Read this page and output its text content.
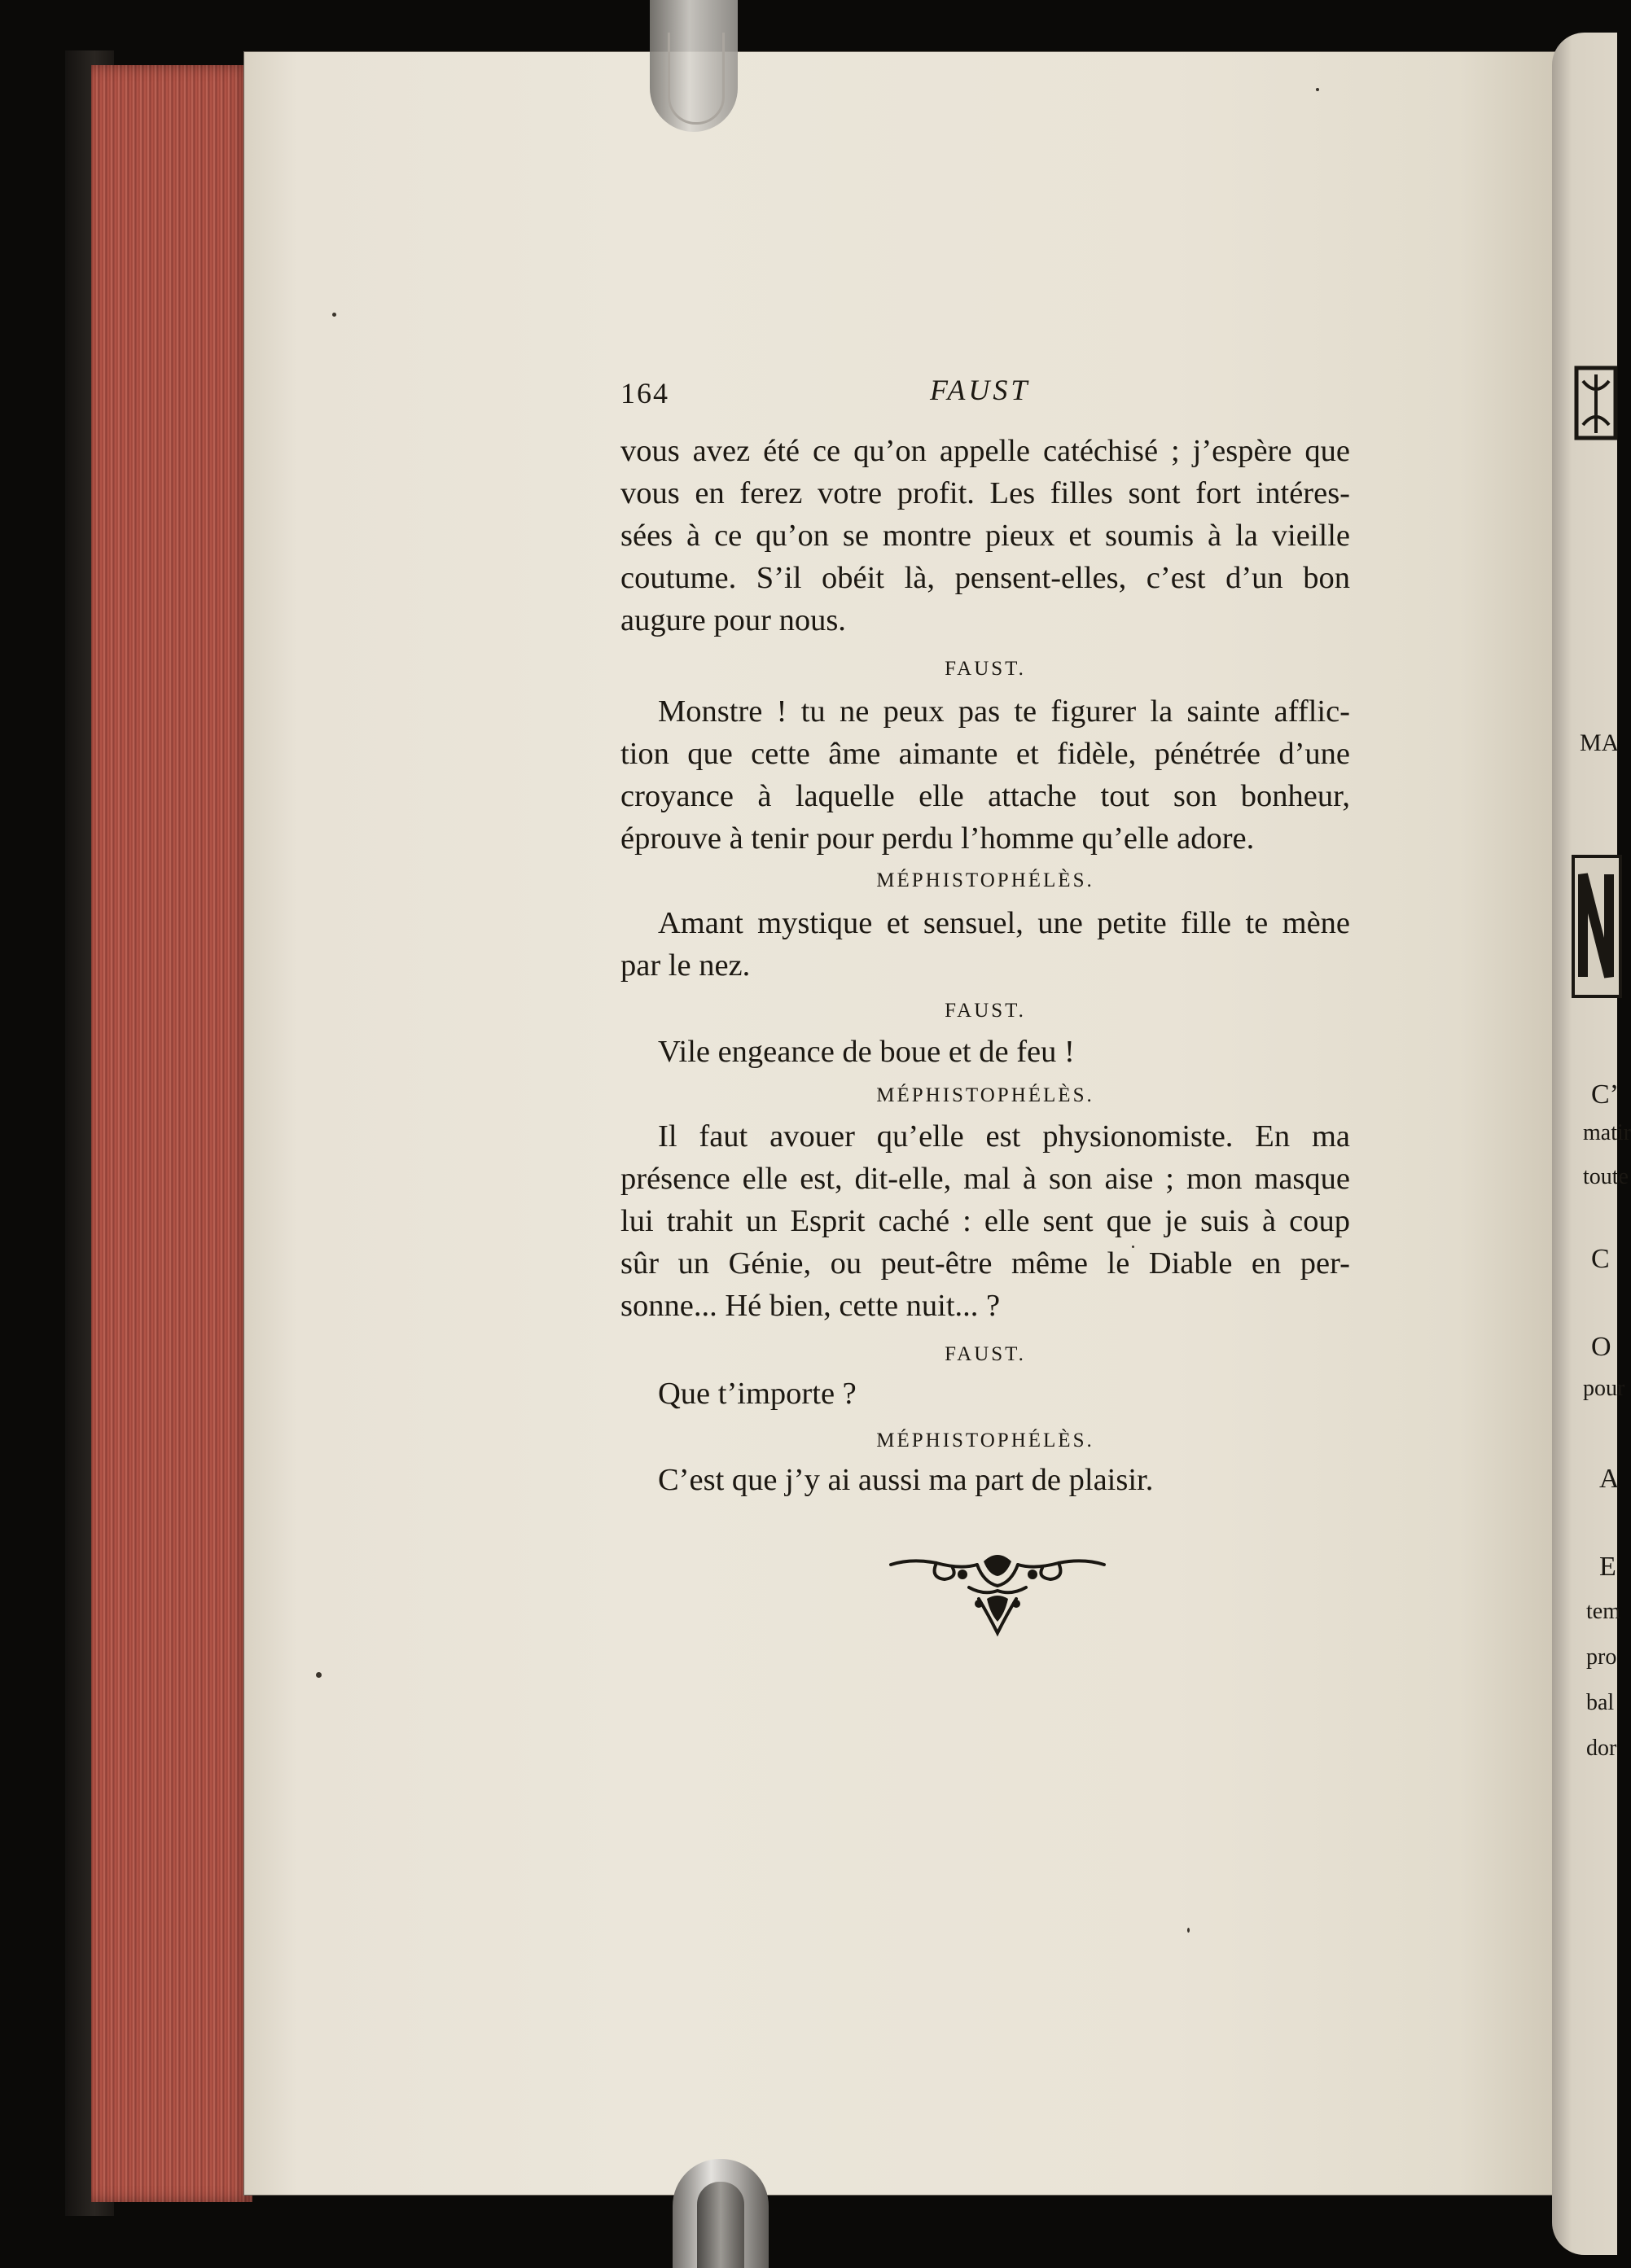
MA
C’
matir
toute
C
O
pour
A
E
tem
pro
bal
dor
164	FAUST
vous avez été ce qu’on appelle catéchisé ; j’espère que
vous en ferez votre profit. Les filles sont fort intéres-
sées à ce qu’on se montre pieux et soumis à la vieille
coutume. S’il obéit là, pensent-elles, c’est d’un bon
augure pour nous.
FAUST.
Monstre ! tu ne peux pas te figurer la sainte afflic-
tion que cette âme aimante et fidèle, pénétrée d’une
croyance à laquelle elle attache tout son bonheur,
éprouve à tenir pour perdu l’homme qu’elle adore.
MÉPHISTOPHÉLÈS.
Amant mystique et sensuel, une petite fille te mène
par le nez.
FAUST.
Vile engeance de boue et de feu !
MÉPHISTOPHÉLÈS.
Il faut avouer qu’elle est physionomiste. En ma
présence elle est, dit-elle, mal à son aise ; mon masque
lui trahit un Esprit caché : elle sent que je suis à coup
sûr un Génie, ou peut-être même le Diable en per-
sonne... Hé bien, cette nuit... ?
FAUST.
Que t’importe ?
MÉPHISTOPHÉLÈS.
C’est que j’y ai aussi ma part de plaisir.
